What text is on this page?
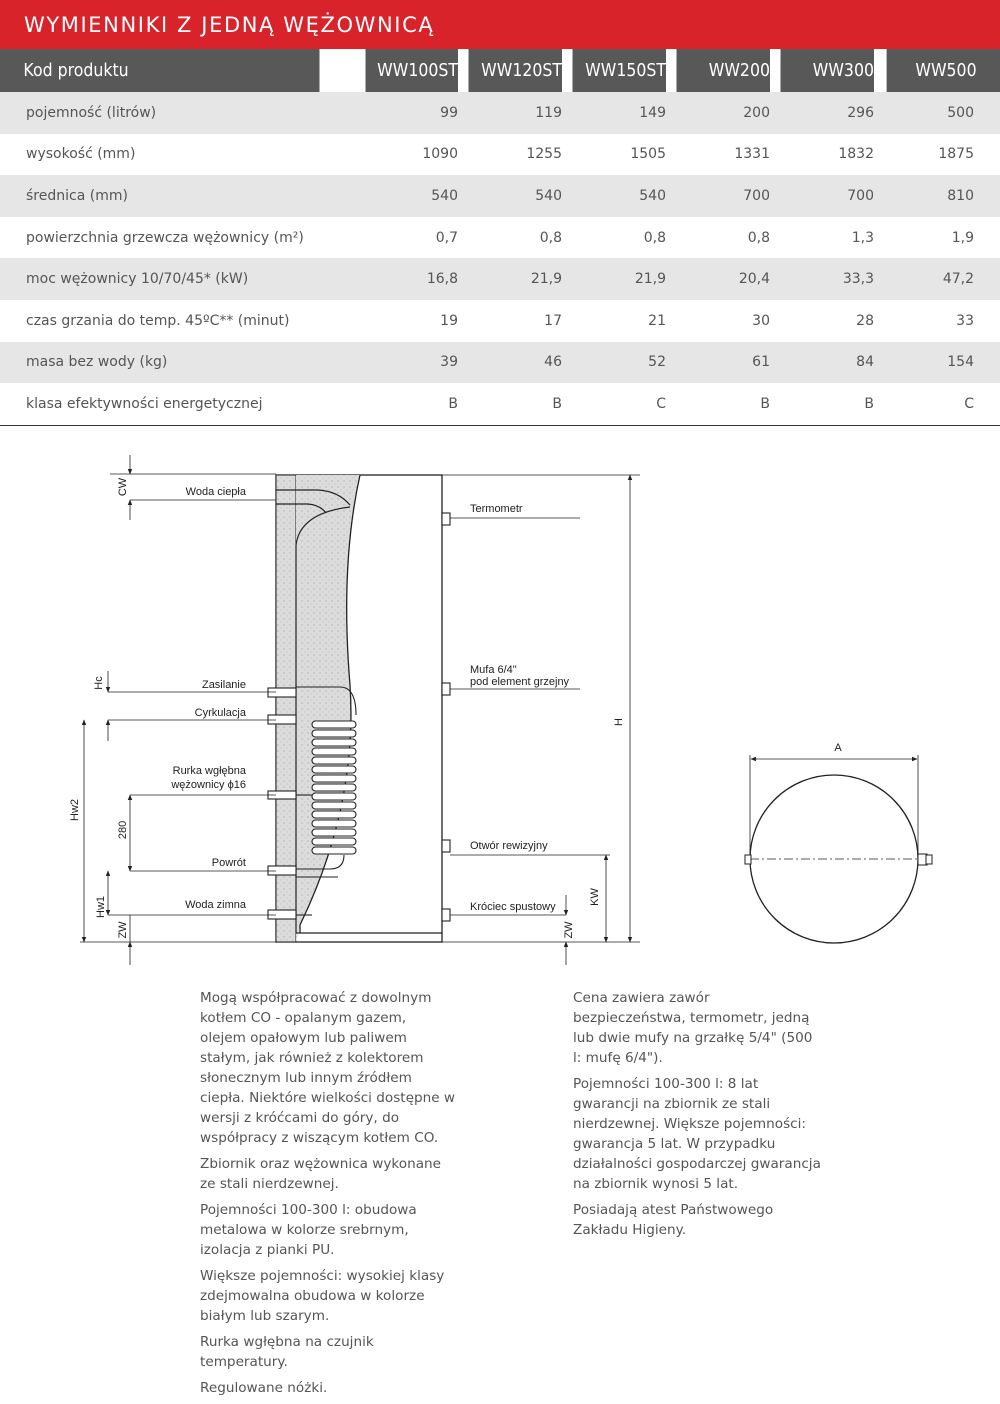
WYMIENNIKI Z JEDNĄ WĘŻOWNICĄ
Kod produktu	WW100ST	WW120ST	WW150ST	WW200	WW300	WW500
pojemność (litrów)	99	119	149	200	296	500
wysokość (mm)	1090	1255	1505	1331	1832	1875
średnica (mm)	540	540	540	700	700	810
powierzchnia grzewcza wężownicy (m²)	0,7	0,8	0,8	0,8	1,3	1,9
moc wężownicy 10/70/45* (kW)	16,8	21,9	21,9	20,4	33,3	47,2
czas grzania do temp. 45ºC** (minut)	19	17	21	30	28	33
masa bez wody (kg)	39	46	52	61	84	154
klasa efektywności energetycznej	B	B	C	B	B	C
Woda ciepła
Zasilanie
Cyrkulacja
Rurka wgłębna
wężownicy ϕ16
Powrót
Woda zimna
Termometr
Mufa 6/4"
pod element grzejny
Otwór rewizyjny
Króciec spustowy
CW
Hc
Hw2
280
Hw1
ZW
KW
ZW
H
A

Mogą współpracować z dowolnym kotłem CO - opalanym gazem, olejem opałowym lub paliwem stałym, jak również z kolektorem słonecznym lub innym źródłem ciepła. Niektóre wielkości dostępne w wersji z króćcami do góry, do współpracy z wiszącym kotłem CO.

Zbiornik oraz wężownica wykonane ze stali nierdzewnej.

Pojemności 100-300 l: obudowa metalowa w kolorze srebrnym, izolacja z pianki PU.

Większe pojemności: wysokiej klasy zdejmowalna obudowa w kolorze białym lub szarym.

Rurka wgłębna na czujnik temperatury.

Regulowane nóżki.

Cena zawiera zawór bezpieczeństwa, termometr, jedną lub dwie mufy na grzałkę 5/4" (500 l: mufę 6/4").

Pojemności 100-300 l: 8 lat gwarancji na zbiornik ze stali nierdzewnej. Większe pojemności: gwarancja 5 lat. W przypadku działalności gospodarczej gwarancja na zbiornik wynosi 5 lat.

Posiadają atest Państwowego Zakładu Higieny.
